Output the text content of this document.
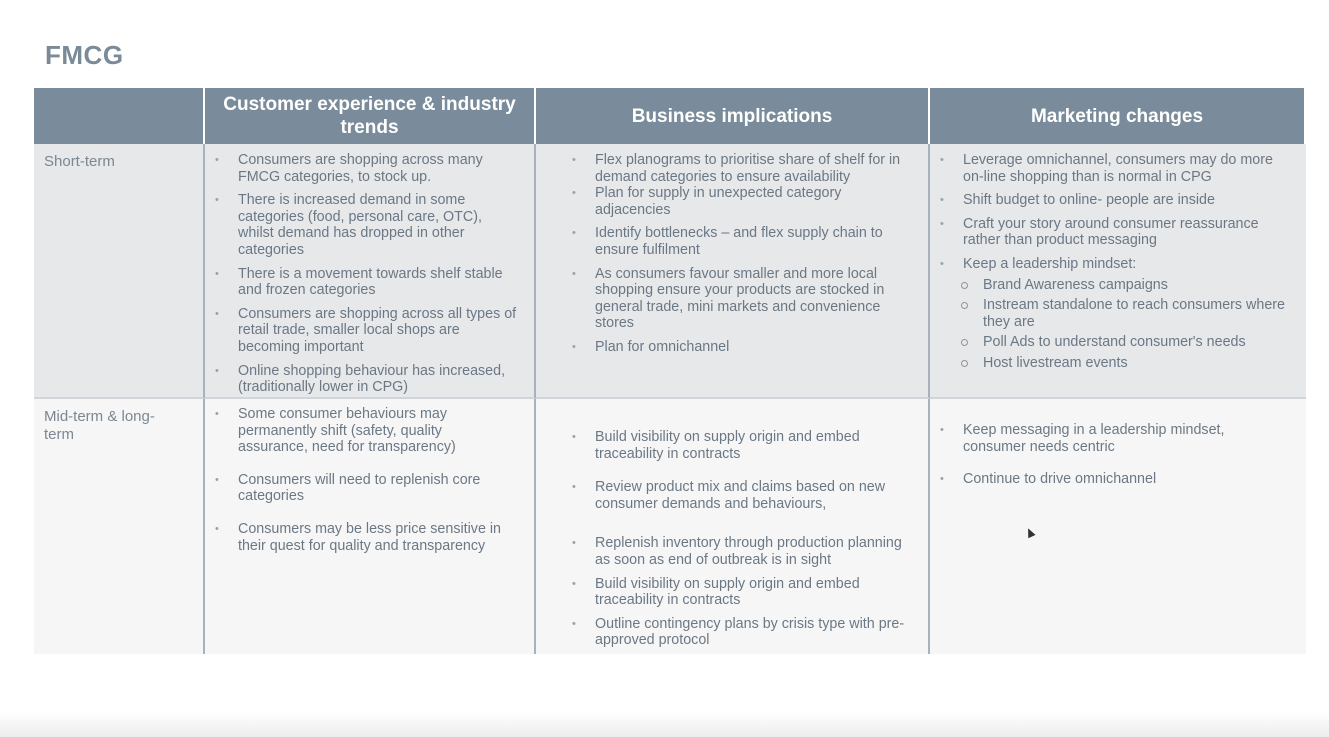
FMCG
Customer experience & industry trends
Business implications	Marketing changes
Short-term
•	Consumers are shopping across many FMCG categories, to stock up.
• There is increased demand in some categories (food, personal care, OTC), whilst demand has dropped in other categories
• There is a movement towards shelf stable and frozen categories
• Consumers are shopping across all types of retail trade, smaller local shops are becoming important
• Online shopping behaviour has increased, (traditionally lower in CPG)
• Flex planograms to prioritise share of shelf for in demand categories to ensure availability
• Plan for supply in unexpected category adjacencies
• Identify bottlenecks – and flex supply chain to ensure fulfilment
• As consumers favour smaller and more local shopping ensure your products are stocked in general trade, mini markets and convenience stores
• Plan for omnichannel
• Leverage omnichannel, consumers may do more on-line shopping than is normal in CPG
• Shift budget to online- people are inside
• Craft your story around consumer reassurance rather than product messaging
• Keep a leadership mindset:
Brand Awareness campaigns
Instream standalone to reach consumers where they are
Poll Ads to understand consumer's needs
Host livestream events
Mid-term & long-term
• Some consumer behaviours may permanently shift (safety, quality assurance, need for transparency)
• Consumers will need to replenish core categories
• Consumers may be less price sensitive in their quest for quality and transparency
• Build visibility on supply origin and embed traceability in contracts
• Review product mix and claims based on new consumer demands and behaviours,
• Replenish inventory through production planning as soon as end of outbreak is in sight
• Build visibility on supply origin and embed traceability in contracts
• Outline contingency plans by crisis type with pre-approved protocol
• Keep messaging in a leadership mindset, consumer needs centric
• Continue to drive omnichannel
